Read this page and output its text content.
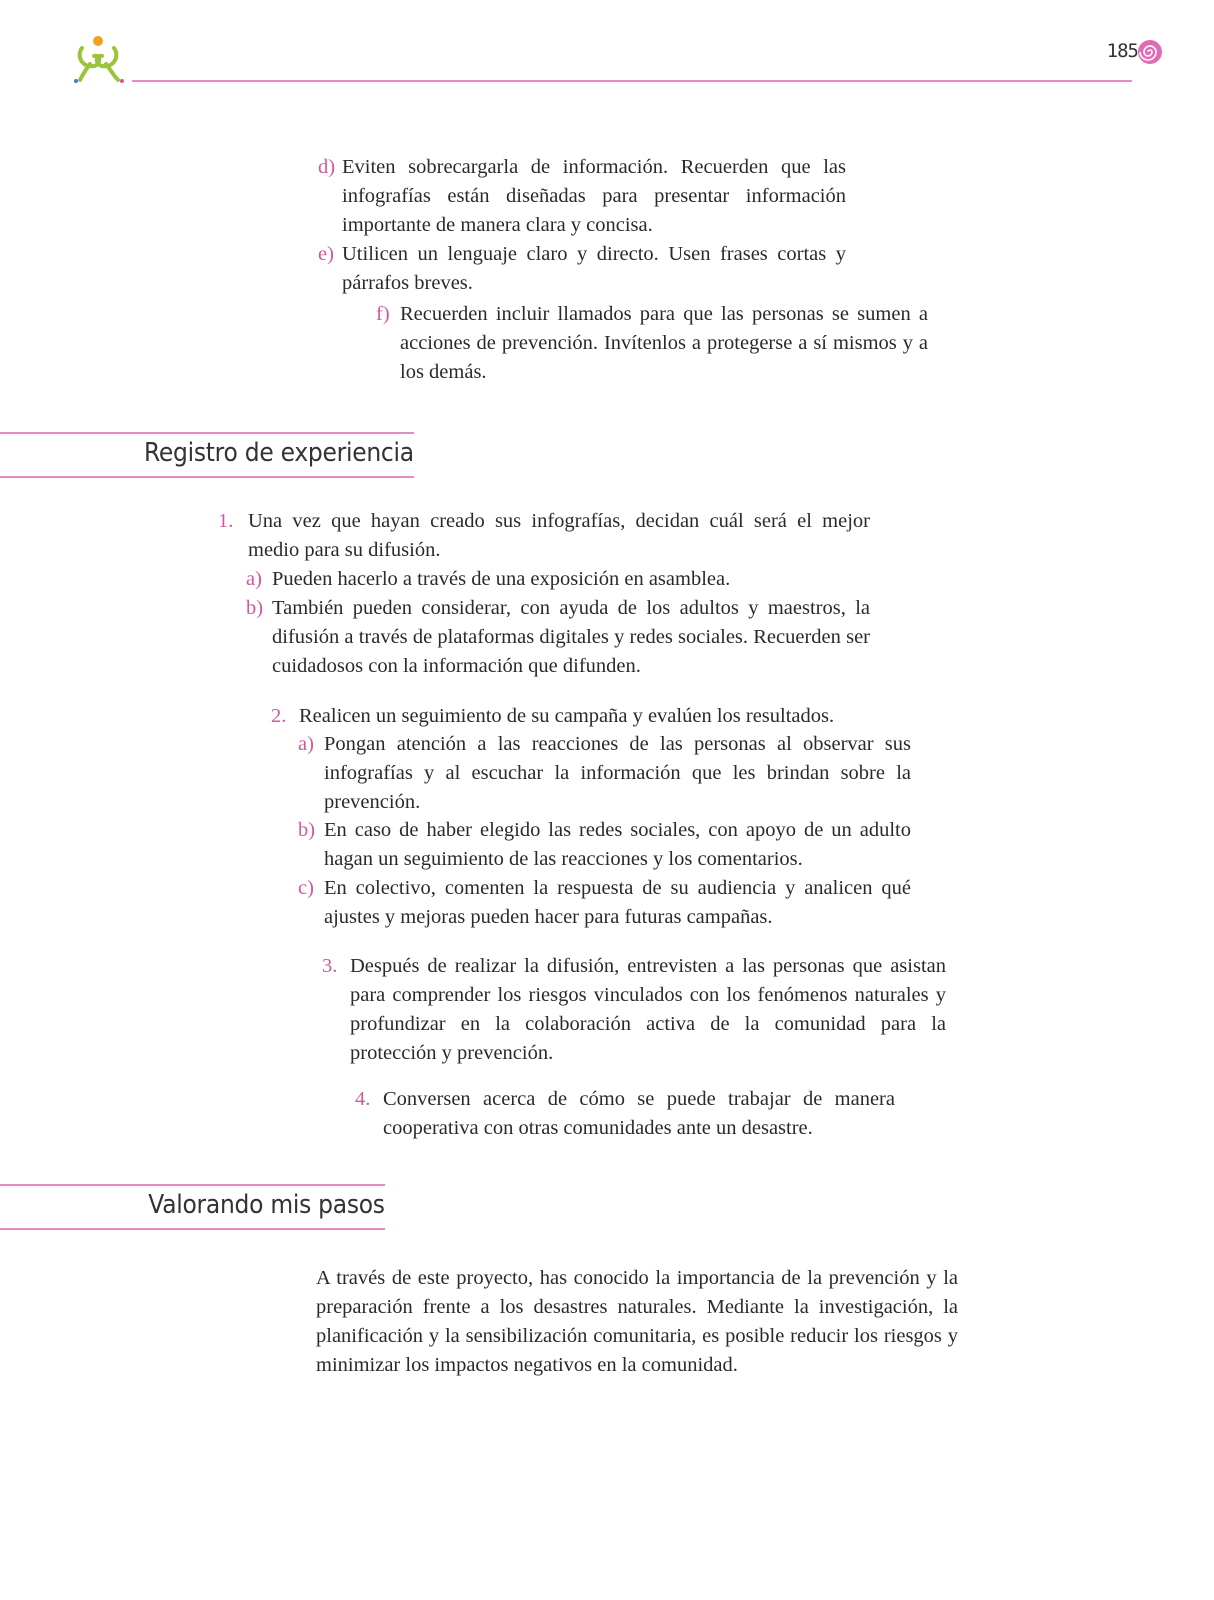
185
d) Eviten sobrecargarla de información. Recuerden que las infografías están diseñadas para presentar información importante de manera clara y concisa.

e) Utilicen un lenguaje claro y directo. Usen frases cortas y párrafos breves.

f) Recuerden incluir llamados para que las personas se sumen a acciones de prevención. Invítenlos a protegerse a sí mismos y a los demás.

Registro de experiencia
1. Una vez que hayan creado sus infografías, decidan cuál será el mejor medio para su difusión.

a) Pueden hacerlo a través de una exposición en asamblea.

b) También pueden considerar, con ayuda de los adultos y maestros, la difusión a través de plataformas digitales y redes sociales. Recuerden ser cuidadosos con la información que difunden.

2. Realicen un seguimiento de su campaña y evalúen los resultados.

a) Pongan atención a las reacciones de las personas al observar sus infografías y al escuchar la información que les brindan sobre la prevención.

b) En caso de haber elegido las redes sociales, con apoyo de un adulto hagan un seguimiento de las reacciones y los comentarios.

c) En colectivo, comenten la respuesta de su audiencia y analicen qué ajustes y mejoras pueden hacer para futuras campañas.

3. Después de realizar la difusión, entrevisten a las personas que asistan para comprender los riesgos vinculados con los fenómenos naturales y profundizar en la colaboración activa de la comunidad para la protección y prevención.

4. Conversen acerca de cómo se puede trabajar de manera cooperativa con otras comunidades ante un desastre.

Valorando mis pasos

A través de este proyecto, has conocido la importancia de la prevención y la preparación frente a los desastres naturales. Mediante la investigación, la planificación y la sensibilización comunitaria, es posible reducir los riesgos y minimizar los impactos negativos en la comunidad.
